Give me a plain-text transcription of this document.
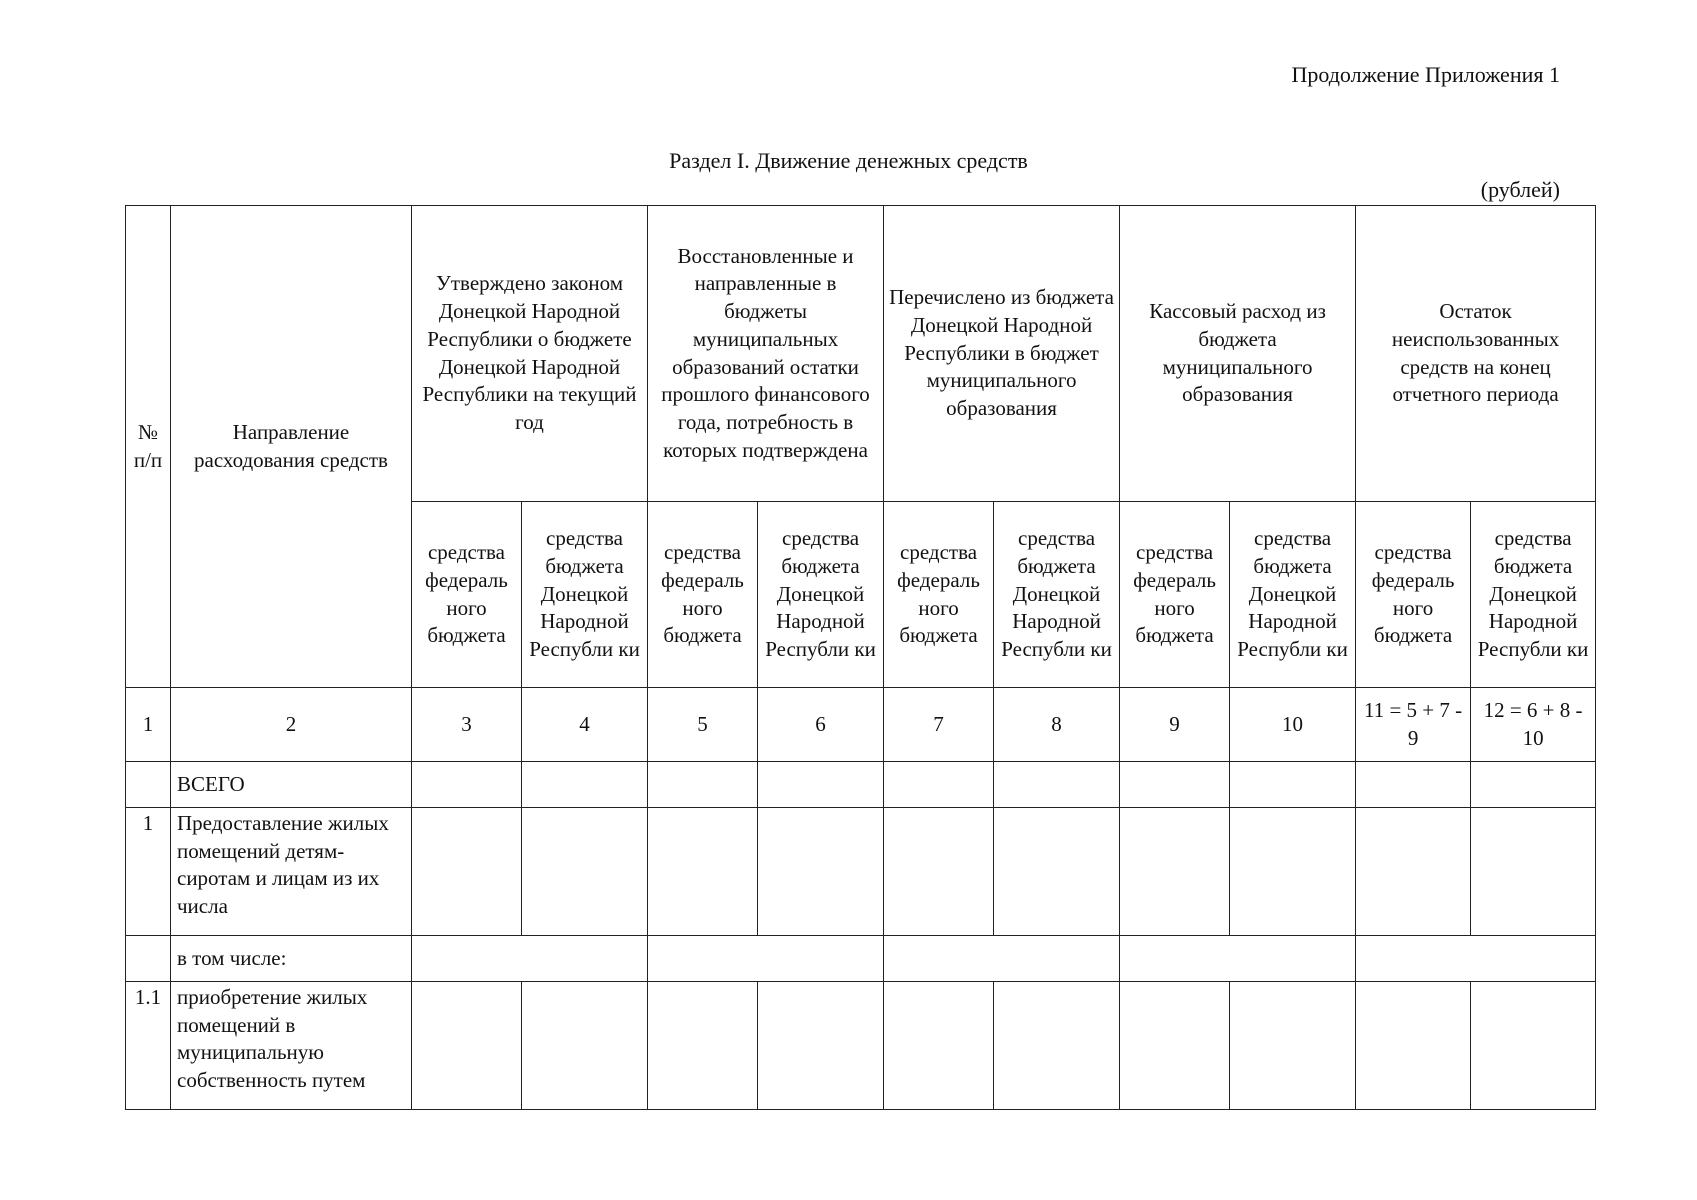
Продолжение Приложения 1
Раздел I. Движение денежных средств
(рублей)
№ п/п	Направление расходования средств	Утверждено законом Донецкой Народной Республики о бюджете Донецкой Народной Республики на текущий год		Восстановленные и направленные в бюджеты муниципальных образований остатки прошлого финансового года, потребность в которых подтверждена		Перечислено из бюджета Донецкой Народной Республики в бюджет муниципального образования		Кассовый расход из бюджета муниципального образования		Остаток неиспользованных средств на конец отчетного периода	
		средства федераль ного бюджета	средства бюджета Донецкой Народной Республи ки	средства федераль ного бюджета	средства бюджета Донецкой Народной Республи ки	средства федераль ного бюджета	средства бюджета Донецкой Народной Республи ки	средства федераль ного бюджета	средства бюджета Донецкой Народной Республи ки	средства федераль ного бюджета	средства бюджета Донецкой Народной Республи ки
1	2	3	4	5	6	7	8	9	10	11 = 5 + 7 - 9	12 = 6 + 8 - 10
	ВСЕГО										
1	Предоставление жилых помещений детям-сиротам и лицам из их числа										
	в том числе:										
1.1	приобретение жилых помещений в муниципальную собственность путем										
